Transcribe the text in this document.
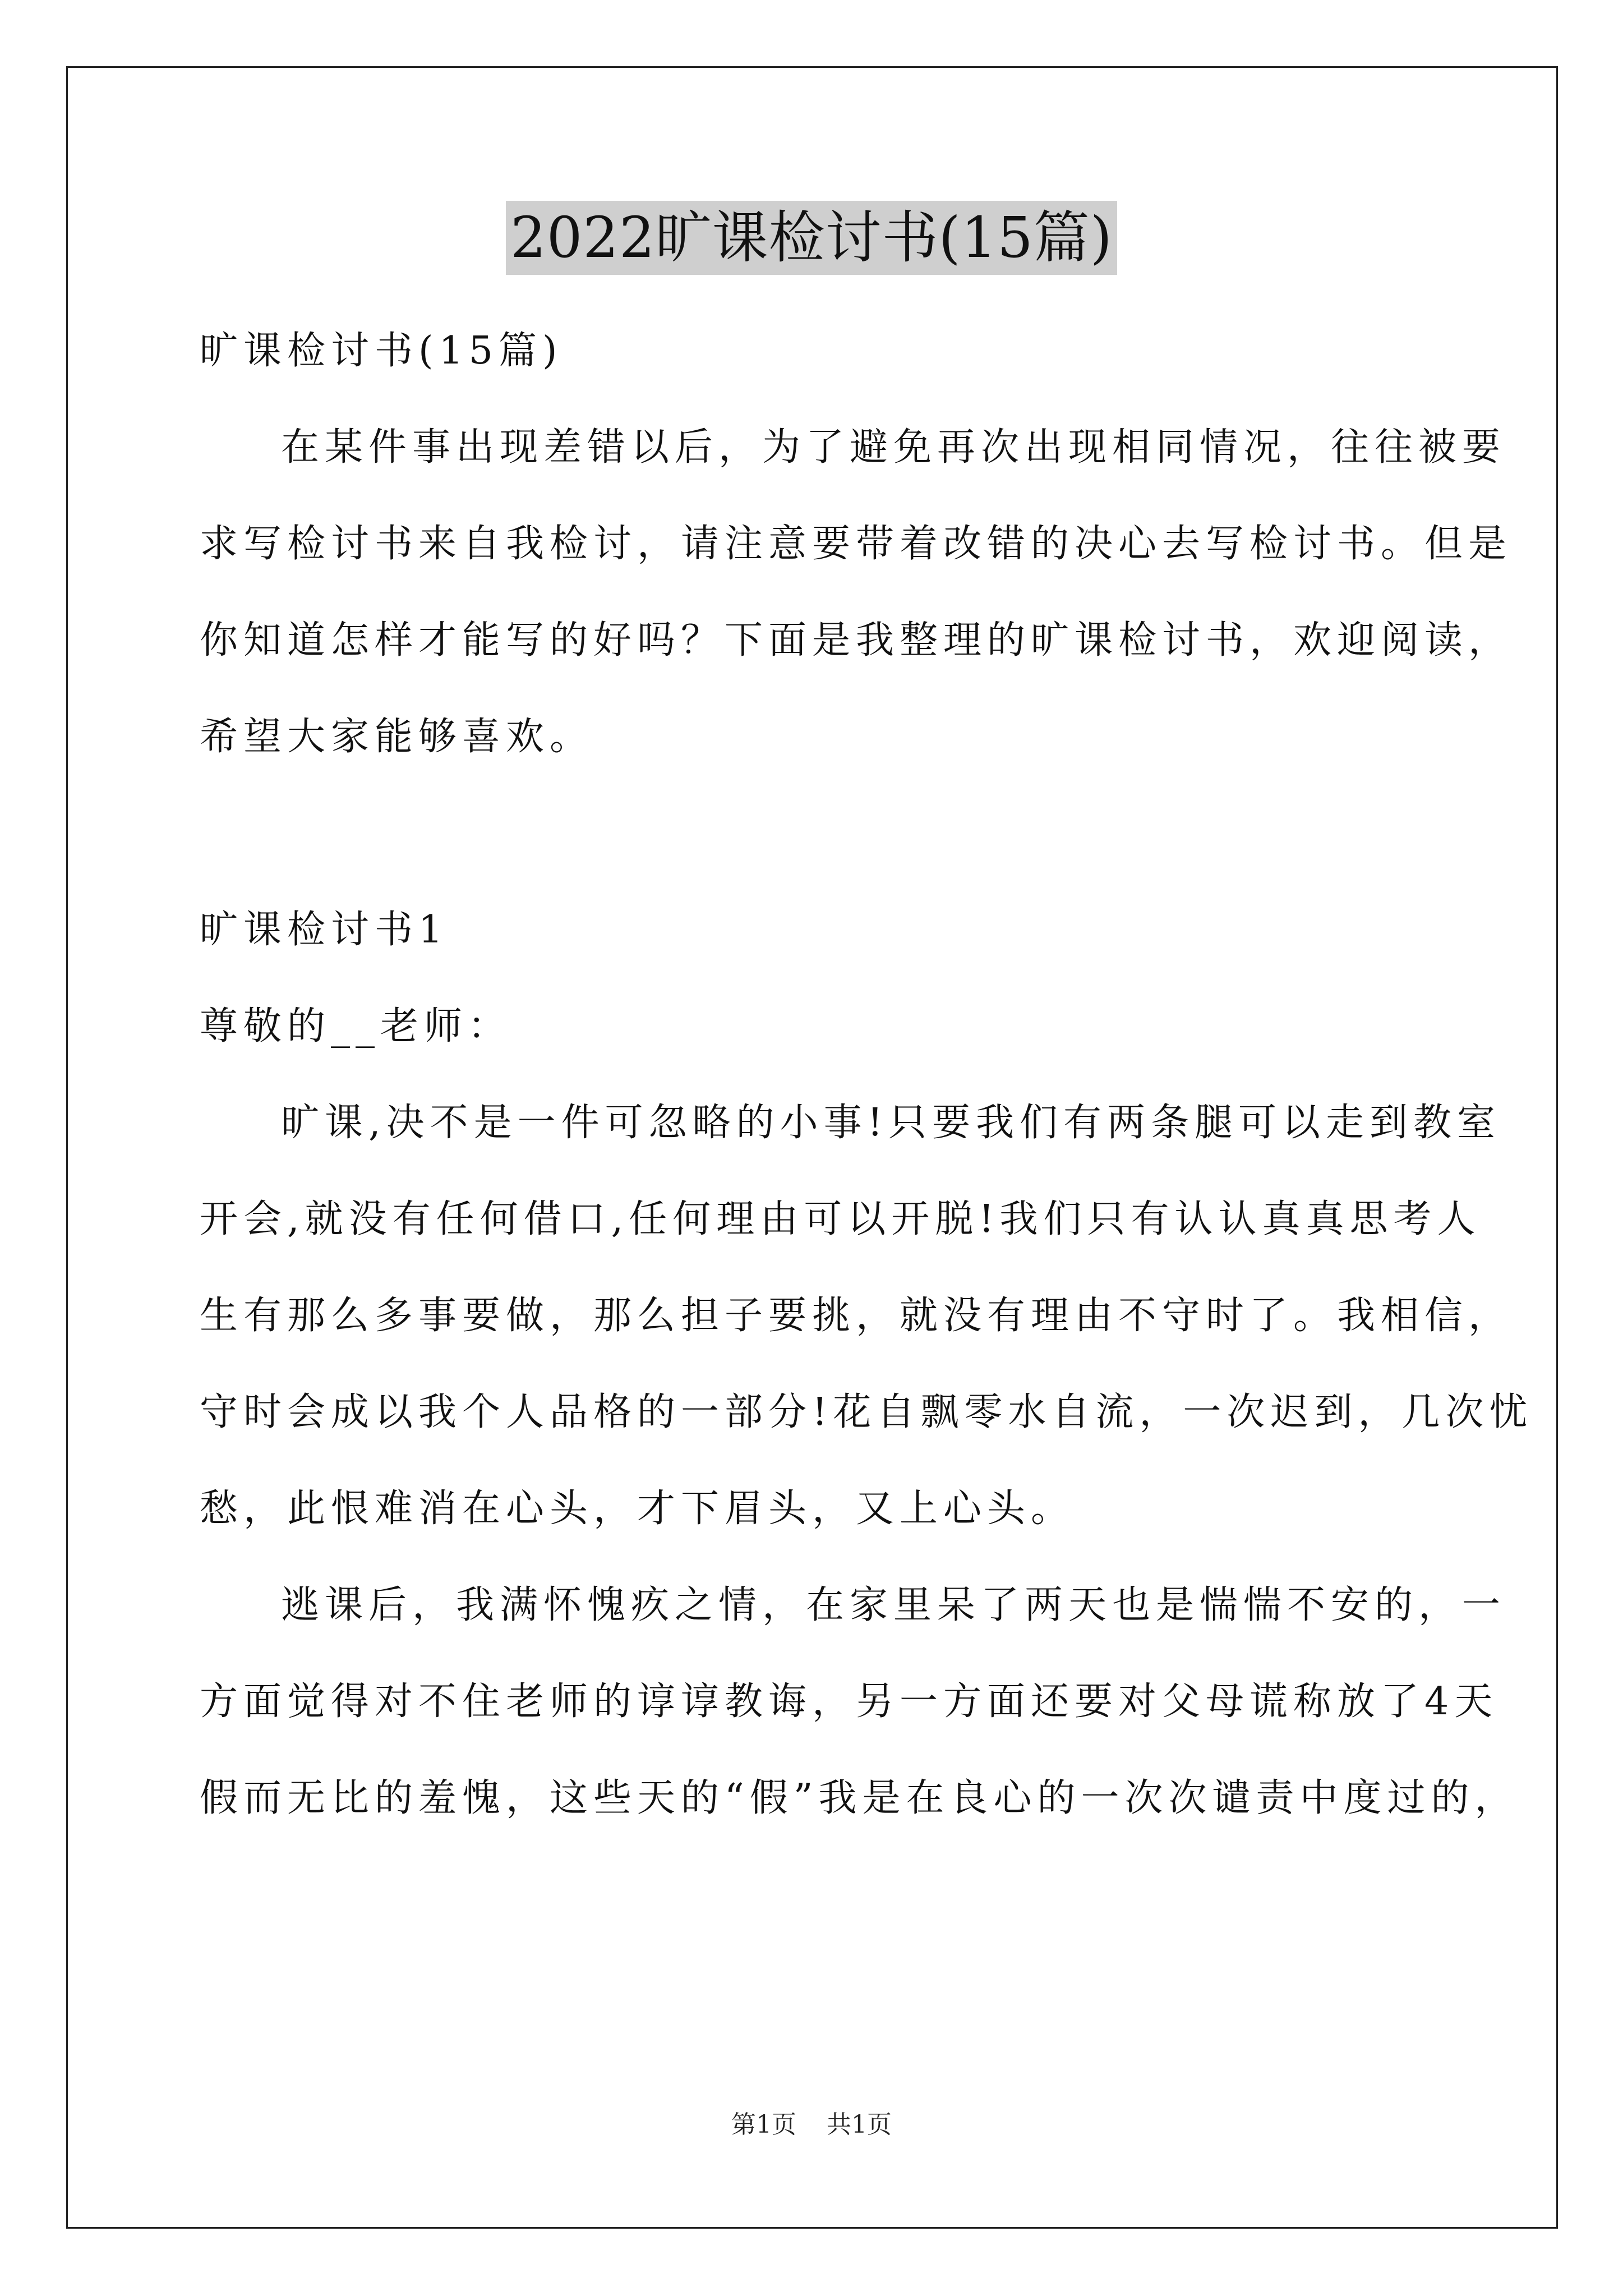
2022旷课检讨书(15篇)
旷课检讨书(15篇)
在某件事出现差错以后，为了避免再次出现相同情况，往往被要
求写检讨书来自我检讨，请注意要带着改错的决心去写检讨书。但是
你知道怎样才能写的好吗？下面是我整理的旷课检讨书，欢迎阅读，
希望大家能够喜欢。
旷课检讨书1
尊敬的__老师：
旷课,决不是一件可忽略的小事!只要我们有两条腿可以走到教室
开会,就没有任何借口,任何理由可以开脱!我们只有认认真真思考人
生有那么多事要做，那么担子要挑，就没有理由不守时了。我相信，
守时会成以我个人品格的一部分!花自飘零水自流，一次迟到，几次忧
愁，此恨难消在心头，才下眉头，又上心头。
逃课后，我满怀愧疚之情，在家里呆了两天也是惴惴不安的，一
方面觉得对不住老师的谆谆教诲，另一方面还要对父母谎称放了4天
假而无比的羞愧，这些天的“假”我是在良心的一次次谴责中度过的，
第1页 共1页
